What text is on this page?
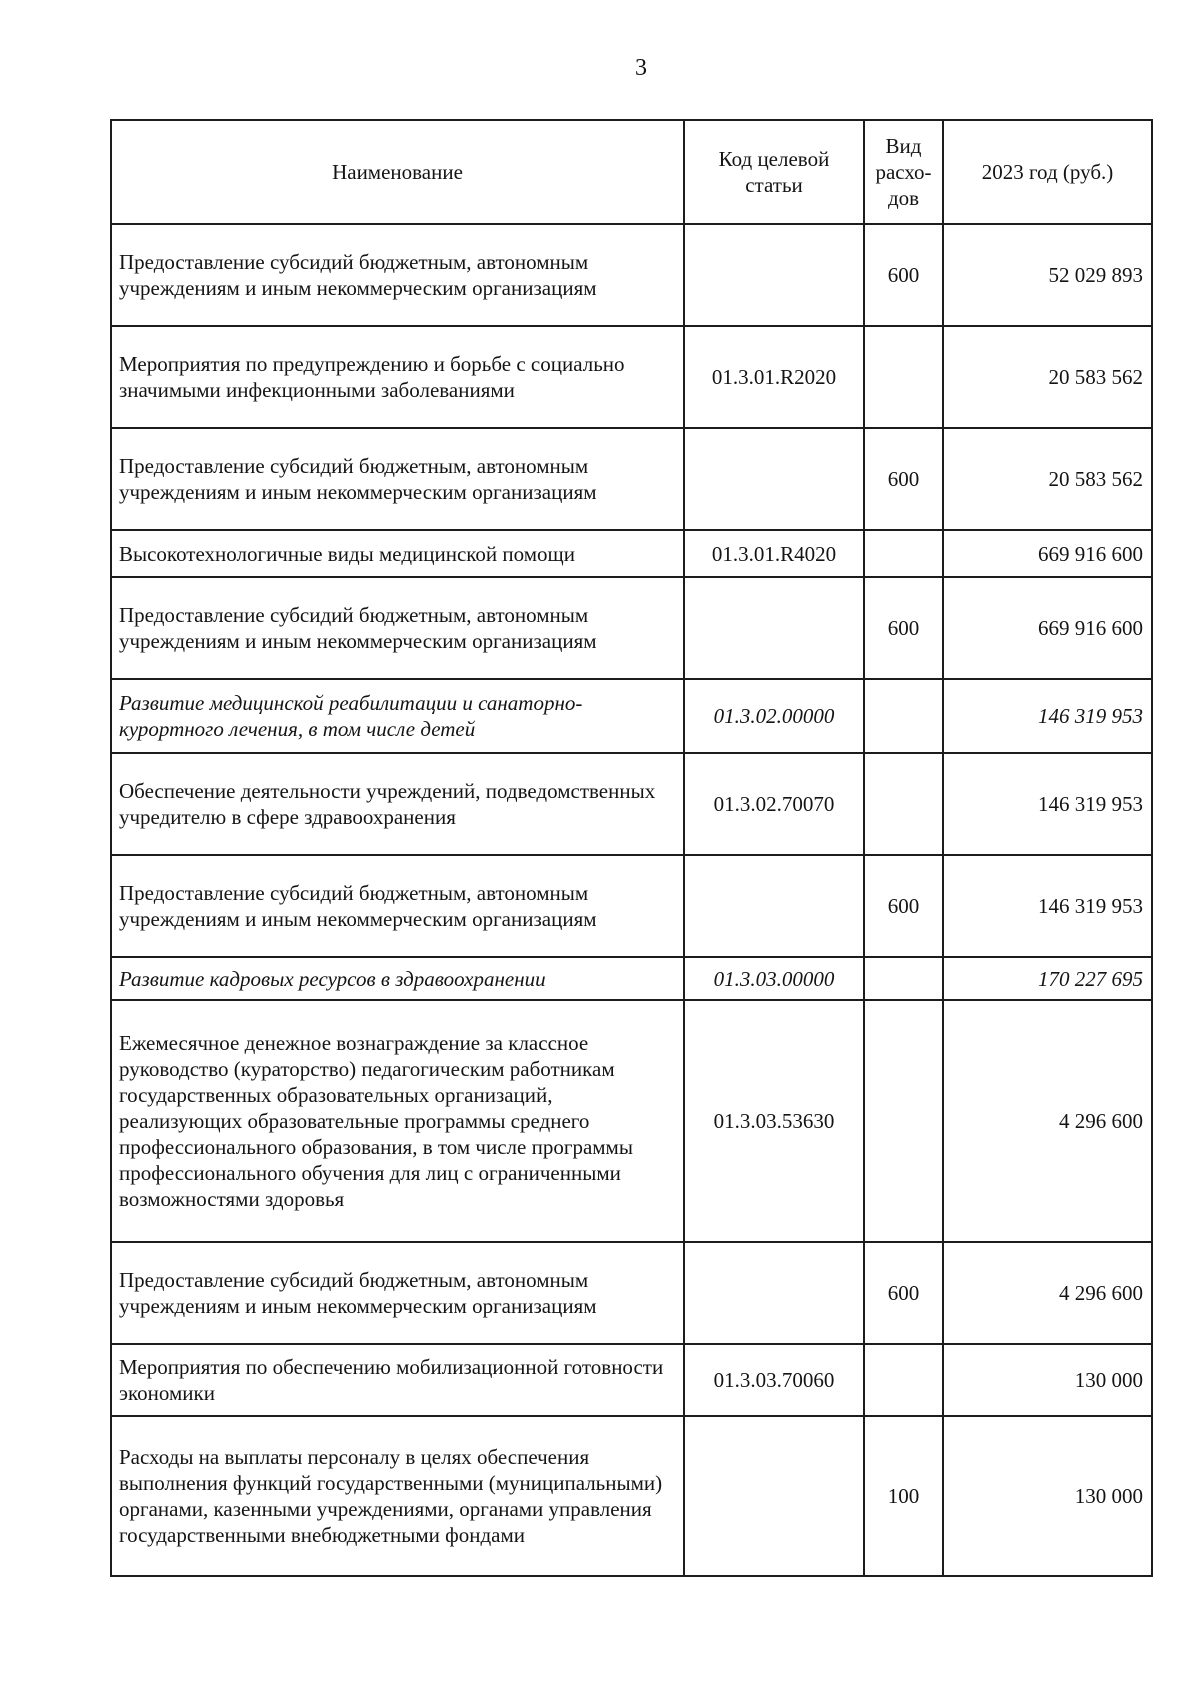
3
Наименование	Код целевой статьи	Вид расхо- дов	2023 год (руб.)
Предоставление субсидий бюджетным, автономным учреждениям и иным некоммерческим организациям		600	52 029 893
Мероприятия по предупреждению и борьбе с социально значимыми инфекционными заболеваниями	01.3.01.R2020		20 583 562
Предоставление субсидий бюджетным, автономным учреждениям и иным некоммерческим организациям		600	20 583 562
Высокотехнологичные виды медицинской помощи	01.3.01.R4020		669 916 600
Предоставление субсидий бюджетным, автономным учреждениям и иным некоммерческим организациям		600	669 916 600
Развитие медицинской реабилитации и санаторно-курортного лечения, в том числе детей	01.3.02.00000		146 319 953
Обеспечение деятельности учреждений, подведомственных учредителю в сфере здравоохранения	01.3.02.70070		146 319 953
Предоставление субсидий бюджетным, автономным учреждениям и иным некоммерческим организациям		600	146 319 953
Развитие кадровых ресурсов в здравоохранении	01.3.03.00000		170 227 695
Ежемесячное денежное вознаграждение за классное руководство (кураторство) педагогическим работникам государственных образовательных организаций, реализующих образовательные программы среднего профессионального образования, в том числе программы профессионального обучения для лиц с ограниченными возможностями здоровья	01.3.03.53630		4 296 600
Предоставление субсидий бюджетным, автономным учреждениям и иным некоммерческим организациям		600	4 296 600
Мероприятия по обеспечению мобилизационной готовности экономики	01.3.03.70060		130 000
Расходы на выплаты персоналу в целях обеспечения выполнения функций государственными (муниципальными) органами, казенными учреждениями, органами управления государственными внебюджетными фондами		100	130 000
